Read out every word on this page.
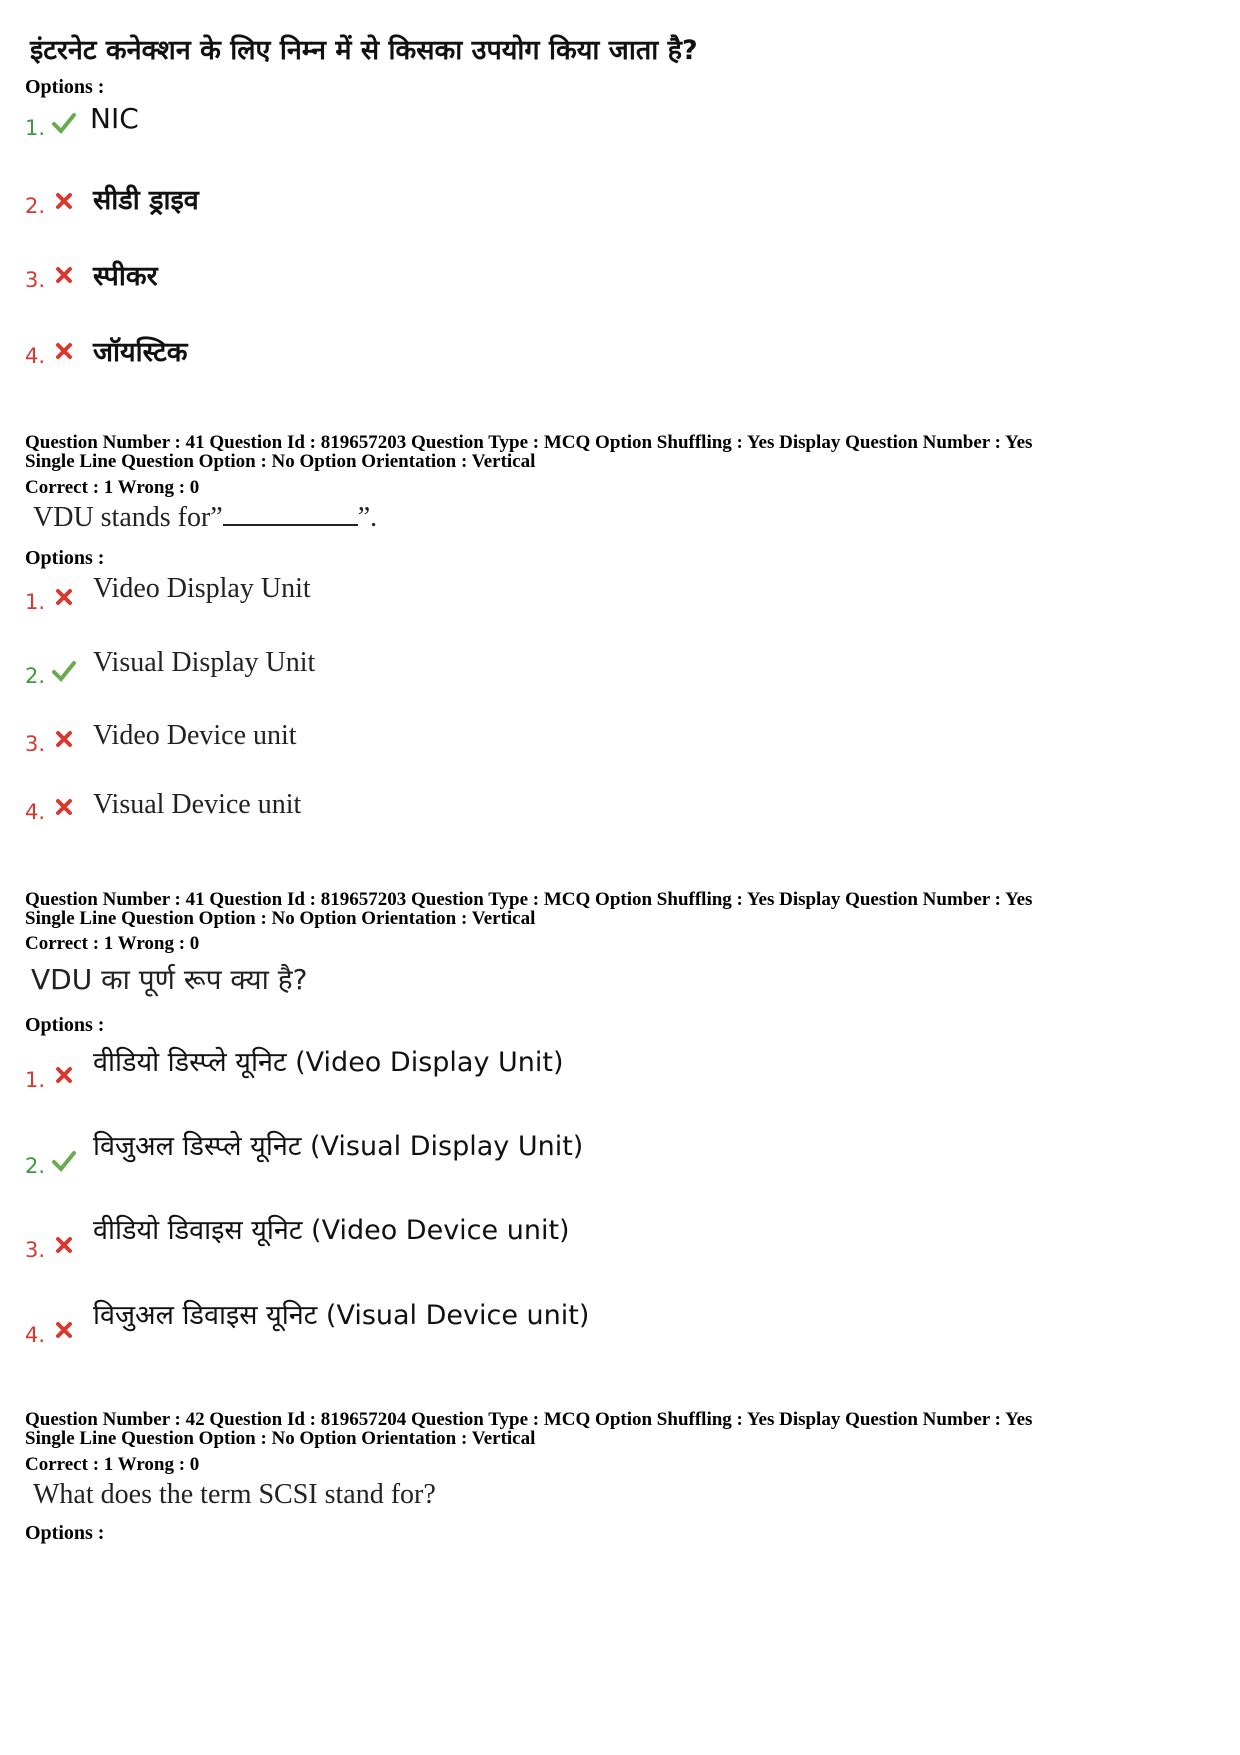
इंटरनेट कनेक्शन के लिए निम्न में से किसका उपयोग किया जाता है?
Options :
1. NIC
2. सीडी ड्राइव
3. स्पीकर
4. जॉयस्टिक
Question Number : 41 Question Id : 819657203 Question Type : MCQ Option Shuffling : Yes Display Question Number : Yes
Single Line Question Option : No Option Orientation : Vertical
Correct : 1 Wrong : 0
VDU stands for”	”.
Options :
1. Video Display Unit
2. Visual Display Unit
3. Video Device unit
4. Visual Device unit
Question Number : 41 Question Id : 819657203 Question Type : MCQ Option Shuffling : Yes Display Question Number : Yes
Single Line Question Option : No Option Orientation : Vertical
Correct : 1 Wrong : 0
VDU का पूर्ण रूप क्या है?
Options :
1.
वीडियो डिस्प्ले यूनिट (Video Display Unit)
2.
विजुअल डिस्प्ले यूनिट (Visual Display Unit)
3.
वीडियो डिवाइस यूनिट (Video Device unit)
4.
विजुअल डिवाइस यूनिट (Visual Device unit)
Question Number : 42 Question Id : 819657204 Question Type : MCQ Option Shuffling : Yes Display Question Number : Yes
Single Line Question Option : No Option Orientation : Vertical
Correct : 1 Wrong : 0
What does the term SCSI stand for?
Options :
